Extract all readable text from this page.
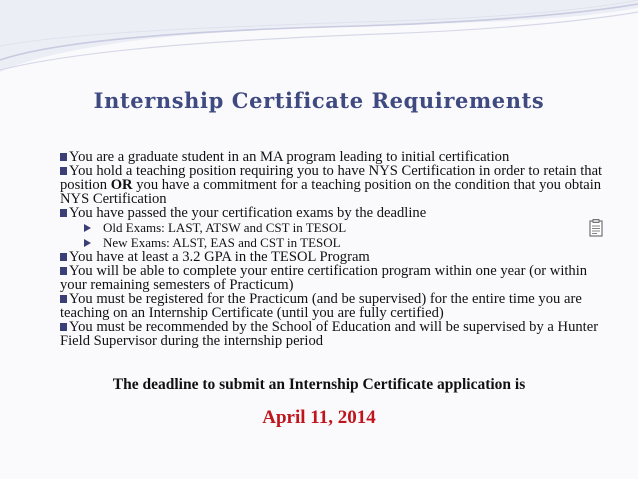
Internship Certificate Requirements

You are a graduate student in an MA program leading to initial certification

You hold a teaching position requiring you to have NYS Certification in order to retain that position OR you have a commitment for a teaching position on the condition that you obtain NYS Certification

You have passed the your certification exams by the deadline

Old Exams: LAST, ATSW and CST in TESOL

New Exams: ALST, EAS and CST in TESOL

You have at least a 3.2 GPA in the TESOL Program

You will be able to complete your entire certification program within one year (or within your remaining semesters of Practicum)

You must be registered for the Practicum (and be supervised) for the entire time you are teaching on an Internship Certificate (until you are fully certified)

You must be recommended by the School of Education and will be supervised by a Hunter Field Supervisor during the internship period

The deadline to submit an Internship Certificate application is
April 11, 2014
